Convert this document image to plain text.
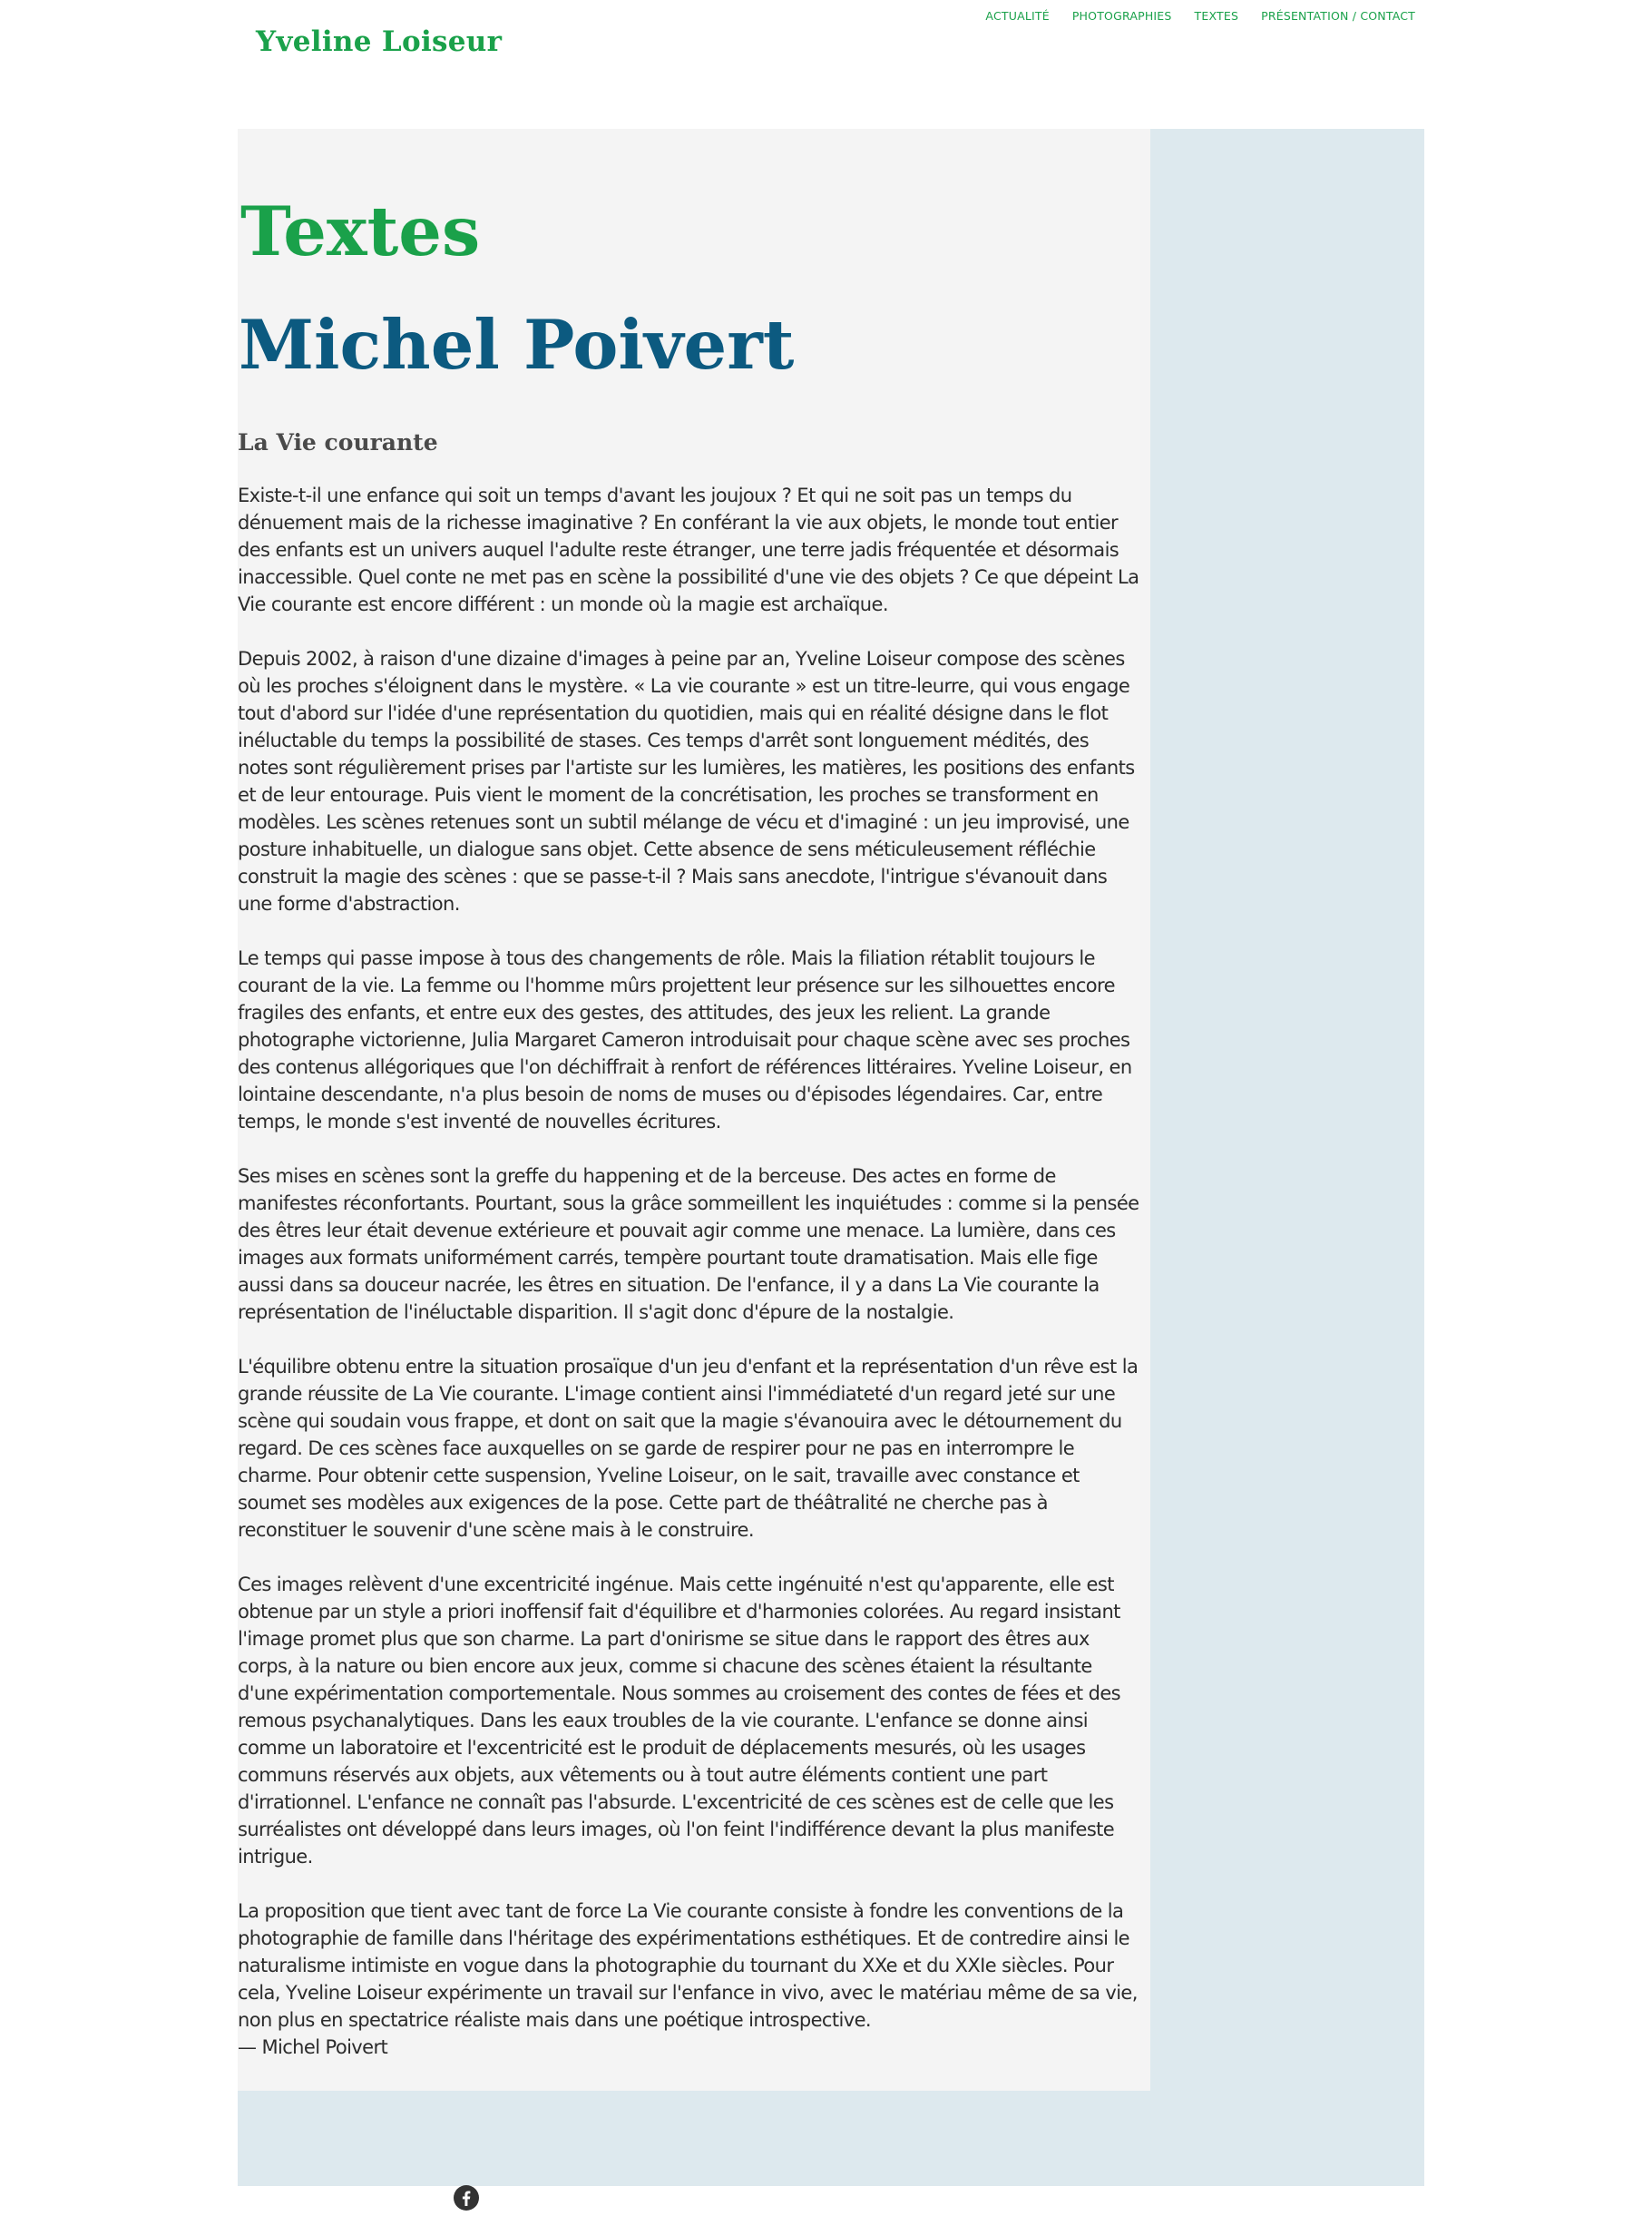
Yveline Loiseur
ACTUALITÉ PHOTOGRAPHIES TEXTES PRÉSENTATION / CONTACT
Textes
Michel Poivert
La Vie courante

Existe-t-il une enfance qui soit un temps d'avant les joujoux ? Et qui ne soit pas un temps du dénuement mais de la richesse imaginative ? En conférant la vie aux objets, le monde tout entier des enfants est un univers auquel l'adulte reste étranger, une terre jadis fréquentée et désormais inaccessible. Quel conte ne met pas en scène la possibilité d'une vie des objets ? Ce que dépeint La Vie courante est encore différent : un monde où la magie est archaïque.

Depuis 2002, à raison d'une dizaine d'images à peine par an, Yveline Loiseur compose des scènes où les proches s'éloignent dans le mystère. « La vie courante » est un titre-leurre, qui vous engage tout d'abord sur l'idée d'une représentation du quotidien, mais qui en réalité désigne dans le flot inéluctable du temps la possibilité de stases. Ces temps d'arrêt sont longuement médités, des notes sont régulièrement prises par l'artiste sur les lumières, les matières, les positions des enfants et de leur entourage. Puis vient le moment de la concrétisation, les proches se transforment en modèles. Les scènes retenues sont un subtil mélange de vécu et d'imaginé : un jeu improvisé, une posture inhabituelle, un dialogue sans objet. Cette absence de sens méticuleusement réfléchie construit la magie des scènes : que se passe-t-il ? Mais sans anecdote, l'intrigue s'évanouit dans une forme d'abstraction.

Le temps qui passe impose à tous des changements de rôle. Mais la filiation rétablit toujours le courant de la vie. La femme ou l'homme mûrs projettent leur présence sur les silhouettes encore fragiles des enfants, et entre eux des gestes, des attitudes, des jeux les relient. La grande photographe victorienne, Julia Margaret Cameron introduisait pour chaque scène avec ses proches des contenus allégoriques que l'on déchiffrait à renfort de références littéraires. Yveline Loiseur, en lointaine descendante, n'a plus besoin de noms de muses ou d'épisodes légendaires. Car, entre temps, le monde s'est inventé de nouvelles écritures.

Ses mises en scènes sont la greffe du happening et de la berceuse. Des actes en forme de manifestes réconfortants. Pourtant, sous la grâce sommeillent les inquiétudes : comme si la pensée des êtres leur était devenue extérieure et pouvait agir comme une menace. La lumière, dans ces images aux formats uniformément carrés, tempère pourtant toute dramatisation. Mais elle fige aussi dans sa douceur nacrée, les êtres en situation. De l'enfance, il y a dans La Vie courante la représentation de l'inéluctable disparition. Il s'agit donc d'épure de la nostalgie.

L'équilibre obtenu entre la situation prosaïque d'un jeu d'enfant et la représentation d'un rêve est la grande réussite de La Vie courante. L'image contient ainsi l'immédiateté d'un regard jeté sur une scène qui soudain vous frappe, et dont on sait que la magie s'évanouira avec le détournement du regard. De ces scènes face auxquelles on se garde de respirer pour ne pas en interrompre le charme. Pour obtenir cette suspension, Yveline Loiseur, on le sait, travaille avec constance et soumet ses modèles aux exigences de la pose. Cette part de théâtralité ne cherche pas à reconstituer le souvenir d'une scène mais à le construire.

Ces images relèvent d'une excentricité ingénue. Mais cette ingénuité n'est qu'apparente, elle est obtenue par un style a priori inoffensif fait d'équilibre et d'harmonies colorées. Au regard insistant l'image promet plus que son charme. La part d'onirisme se situe dans le rapport des êtres aux corps, à la nature ou bien encore aux jeux, comme si chacune des scènes étaient la résultante d'une expérimentation comportementale. Nous sommes au croisement des contes de fées et des remous psychanalytiques. Dans les eaux troubles de la vie courante. L'enfance se donne ainsi comme un laboratoire et l'excentricité est le produit de déplacements mesurés, où les usages communs réservés aux objets, aux vêtements ou à tout autre éléments contient une part d'irrationnel. L'enfance ne connaît pas l'absurde. L'excentricité de ces scènes est de celle que les surréalistes ont développé dans leurs images, où l'on feint l'indifférence devant la plus manifeste intrigue.

La proposition que tient avec tant de force La Vie courante consiste à fondre les conventions de la photographie de famille dans l'héritage des expérimentations esthétiques. Et de contredire ainsi le naturalisme intimiste en vogue dans la photographie du tournant du XXe et du XXIe siècles. Pour cela, Yveline Loiseur expérimente un travail sur l'enfance in vivo, avec le matériau même de sa vie, non plus en spectatrice réaliste mais dans une poétique introspective.

— Michel Poivert
